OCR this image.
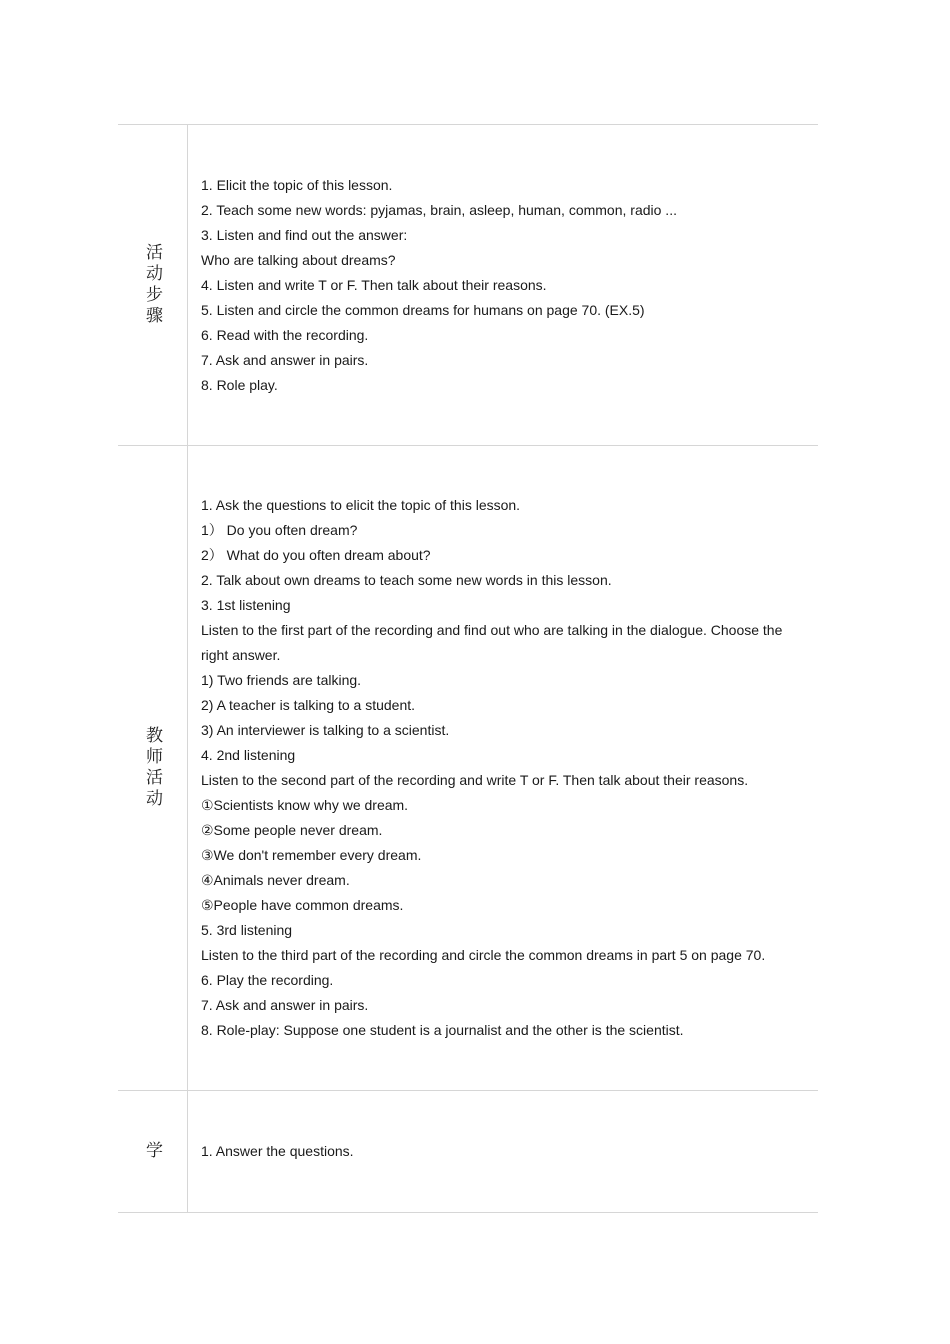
活动步骤

1. Elicit the topic of this lesson.

2. Teach some new words: pyjamas, brain, asleep, human, common, radio ...

3. Listen and find out the answer:

Who are talking about dreams?

4. Listen and write T or F. Then talk about their reasons.

5. Listen and circle the common dreams for humans on page 70. (EX.5)

6. Read with the recording.

7. Ask and answer in pairs.

8. Role play.

教师活动

1. Ask the questions to elicit the topic of this lesson.

1） Do you often dream?

2） What do you often dream about?

2. Talk about own dreams to teach some new words in this lesson.

3. 1st listening

Listen to the first part of the recording and find out who are talking in the dialogue. Choose the right answer.

1) Two friends are talking.

2) A teacher is talking to a student.

3) An interviewer is talking to a scientist.

4. 2nd listening

Listen to the second part of the recording and write T or F. Then talk about their reasons.

①Scientists know why we dream.

②Some people never dream.

③We don't remember every dream.

④Animals never dream.

⑤People have common dreams.

5. 3rd listening

Listen to the third part of the recording and circle the common dreams in part 5 on page 70.

6. Play the recording.

7. Ask and answer in pairs.

8. Role-play: Suppose one student is a journalist and the other is the scientist.

学	1. Answer the questions.
